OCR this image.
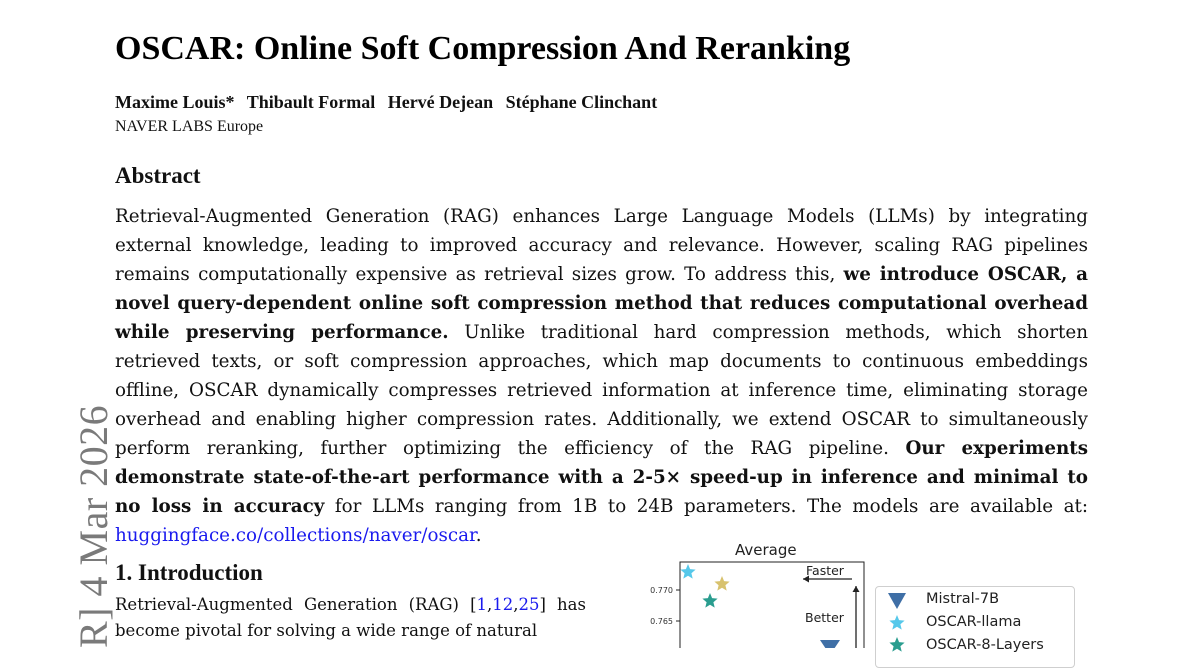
R] 4 Mar 2026
OSCAR: Online Soft Compression And Reranking
Maxime Louis* Thibault Formal Hervé Dejean Stéphane Clinchant
NAVER LABS Europe
Abstract
Retrieval-Augmented Generation (RAG) enhances Large Language Models (LLMs) by integrating external knowledge, leading to improved accuracy and relevance. However, scaling RAG pipelines remains computationally expensive as retrieval sizes grow. To address this, we introduce OSCAR, a novel query-dependent online soft compression method that reduces computational overhead while preserving performance. Unlike traditional hard compression methods, which shorten retrieved texts, or soft compression approaches, which map documents to continuous embeddings offline, OSCAR dynamically compresses retrieved information at inference time, eliminating storage overhead and enabling higher compression rates. Additionally, we extend OSCAR to simultaneously perform reranking, further optimizing the efficiency of the RAG pipeline. Our experiments demonstrate state-of-the-art performance with a 2-5× speed-up in inference and minimal to no loss in accuracy for LLMs ranging from 1B to 24B parameters. The models are available at: huggingface.co/collections/naver/oscar.
1. Introduction
Retrieval-Augmented Generation (RAG) [1,12,25] has become pivotal for solving a wide range of natural
Average
0.770
0.765
Faster
Better
Mistral-7B
OSCAR-llama
OSCAR-8-Layers
